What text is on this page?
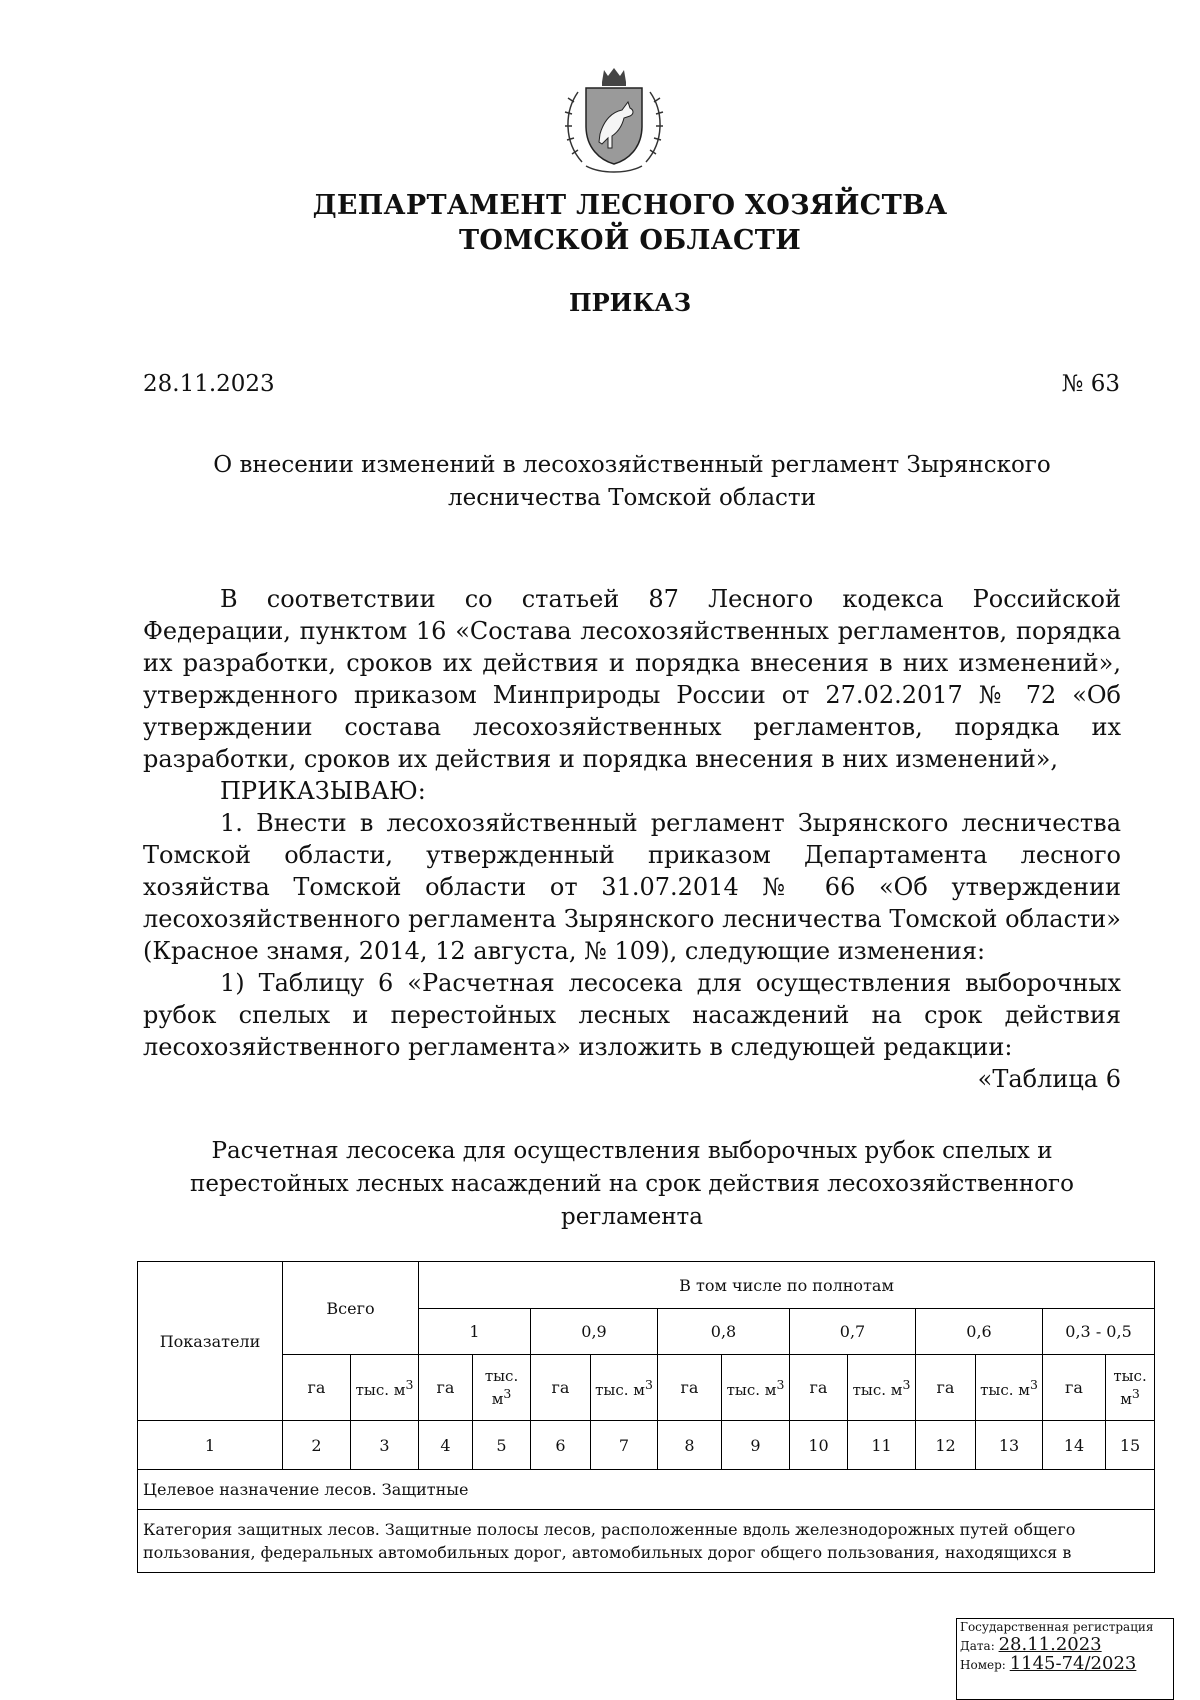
ДЕПАРТАМЕНТ ЛЕСНОГО ХОЗЯЙСТВА
ТОМСКОЙ ОБЛАСТИ
ПРИКАЗ
28.11.2023	№ 63
О внесении изменений в лесохозяйственный регламент Зырянского лесничества Томской области

В соответствии со статьей 87 Лесного кодекса Российской Федерации, пунктом 16 «Состава лесохозяйственных регламентов, порядка их разработки, сроков их действия и порядка внесения в них изменений», утвержденного приказом Минприроды России от 27.02.2017 № 72 «Об утверждении состава лесохозяйственных регламентов, порядка их разработки, сроков их действия и порядка внесения в них изменений»,

ПРИКАЗЫВАЮ:

1. Внести в лесохозяйственный регламент Зырянского лесничества Томской области, утвержденный приказом Департамента лесного хозяйства Томской области от 31.07.2014 № 66 «Об утверждении лесохозяйственного регламента Зырянского лесничества Томской области» (Красное знамя, 2014, 12 августа, № 109), следующие изменения:

1) Таблицу 6 «Расчетная лесосека для осуществления выборочных рубок спелых и перестойных лесных насаждений на срок действия лесохозяйственного регламента» изложить в следующей редакции:

«Таблица 6

Расчетная лесосека для осуществления выборочных рубок спелых и перестойных лесных насаждений на срок действия лесохозяйственного регламента
Показатели	Всего		В том числе по полнотам											
			1		0,9		0,8		0,7		0,6		0,3 - 0,5	
	га	тыс. $м^3$	га	тыс. $м^3$	га	тыс. $м^3$	га	тыс. $м^3$	га	тыс. $м^3$	га	тыс. $м^3$	га	тыс. $м^3$
1	2	3	4	5	6	7	8	9	10	11	12	13	14	15
Целевое назначение лесов. Защитные														
Категория защитных лесов. Защитные полосы лесов, расположенные вдоль железнодорожных путей общего пользования, федеральных автомобильных дорог, автомобильных дорог общего пользования, находящихся в														
Государственная регистрация
Дата: 28.11.2023
Номер: 1145-74/2023
